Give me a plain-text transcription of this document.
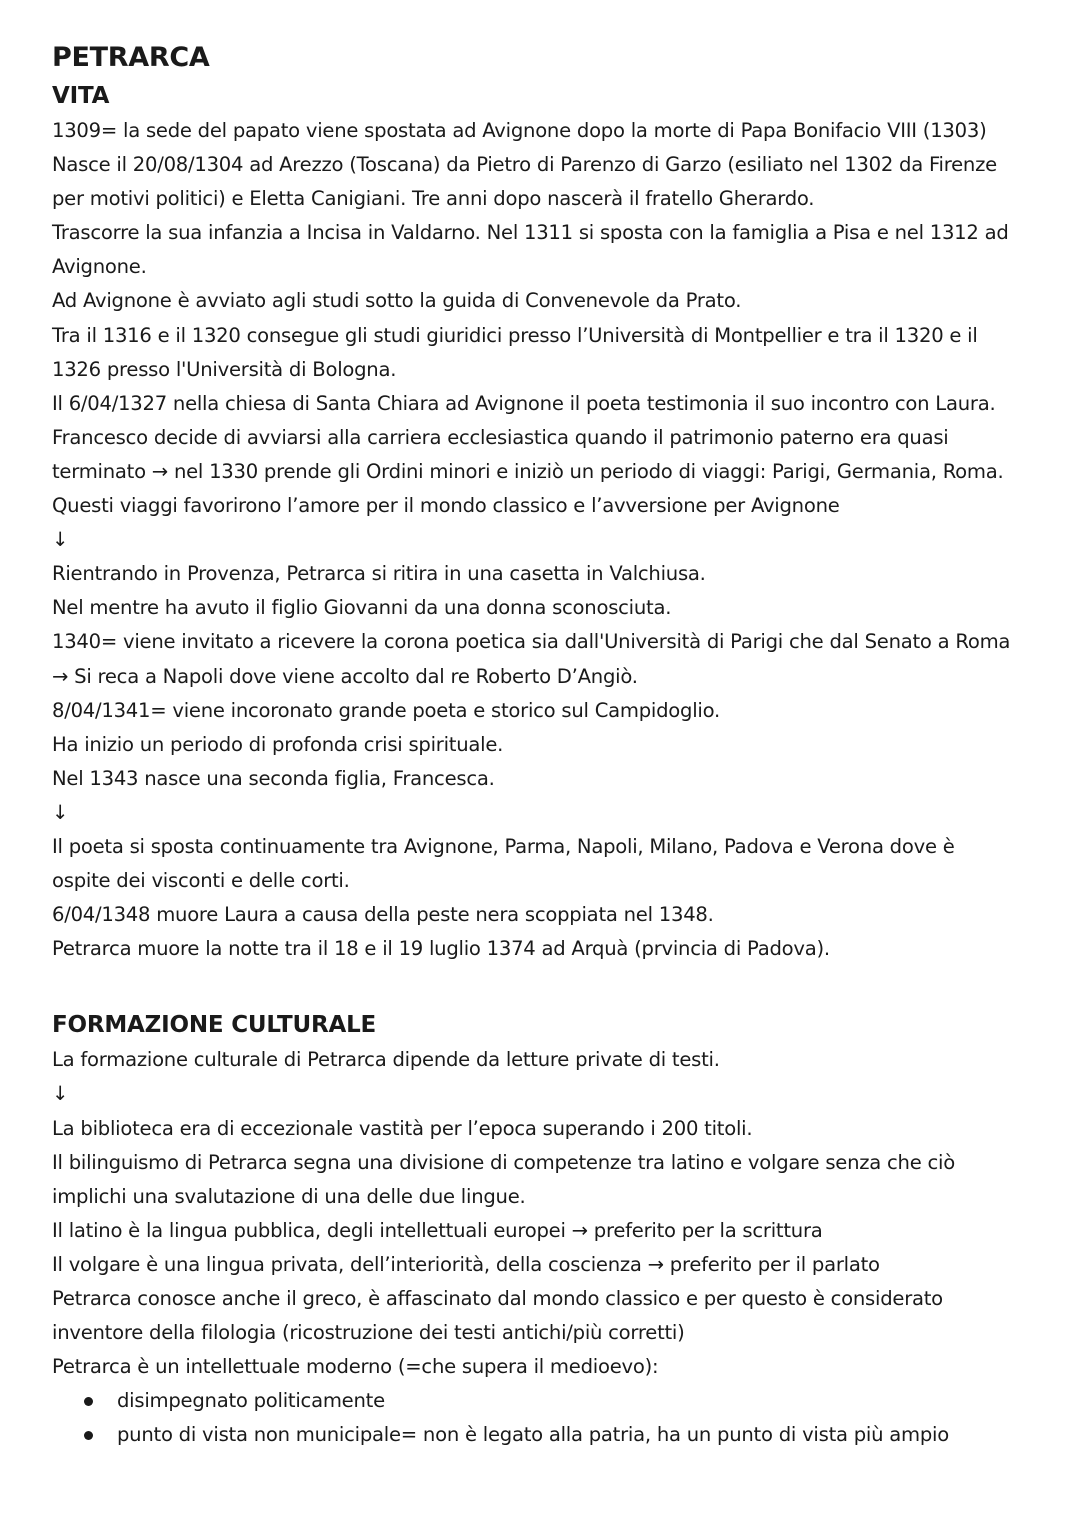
PETRARCA
VITA

1309= la sede del papato viene spostata ad Avignone dopo la morte di Papa Bonifacio VIII (1303)

Nasce il 20/08/1304 ad Arezzo (Toscana) da Pietro di Parenzo di Garzo (esiliato nel 1302 da Firenze

per motivi politici) e Eletta Canigiani. Tre anni dopo nascerà il fratello Gherardo.

Trascorre la sua infanzia a Incisa in Valdarno. Nel 1311 si sposta con la famiglia a Pisa e nel 1312 ad

Avignone.

Ad Avignone è avviato agli studi sotto la guida di Convenevole da Prato.

Tra il 1316 e il 1320 consegue gli studi giuridici presso l’Università di Montpellier e tra il 1320 e il

1326 presso l'Università di Bologna.

Il 6/04/1327 nella chiesa di Santa Chiara ad Avignone il poeta testimonia il suo incontro con Laura.

Francesco decide di avviarsi alla carriera ecclesiastica quando il patrimonio paterno era quasi

terminato → nel 1330 prende gli Ordini minori e iniziò un periodo di viaggi: Parigi, Germania, Roma.

Questi viaggi favorirono l’amore per il mondo classico e l’avversione per Avignone

↓

Rientrando in Provenza, Petrarca si ritira in una casetta in Valchiusa.

Nel mentre ha avuto il figlio Giovanni da una donna sconosciuta.

1340= viene invitato a ricevere la corona poetica sia dall'Università di Parigi che dal Senato a Roma

→ Si reca a Napoli dove viene accolto dal re Roberto D’Angiò.

8/04/1341= viene incoronato grande poeta e storico sul Campidoglio.

Ha inizio un periodo di profonda crisi spirituale.

Nel 1343 nasce una seconda figlia, Francesca.

↓

Il poeta si sposta continuamente tra Avignone, Parma, Napoli, Milano, Padova e Verona dove è

ospite dei visconti e delle corti.

6/04/1348 muore Laura a causa della peste nera scoppiata nel 1348.

Petrarca muore la notte tra il 18 e il 19 luglio 1374 ad Arquà (prvincia di Padova).

FORMAZIONE CULTURALE

La formazione culturale di Petrarca dipende da letture private di testi.

↓

La biblioteca era di eccezionale vastità per l’epoca superando i 200 titoli.

Il bilinguismo di Petrarca segna una divisione di competenze tra latino e volgare senza che ciò

implichi una svalutazione di una delle due lingue.

Il latino è la lingua pubblica, degli intellettuali europei → preferito per la scrittura

Il volgare è una lingua privata, dell’interiorità, della coscienza → preferito per il parlato

Petrarca conosce anche il greco, è affascinato dal mondo classico e per questo è considerato

inventore della filologia (ricostruzione dei testi antichi/più corretti)

Petrarca è un intellettuale moderno (=che supera il medioevo):

disimpegnato politicamente
punto di vista non municipale= non è legato alla patria, ha un punto di vista più ampio
